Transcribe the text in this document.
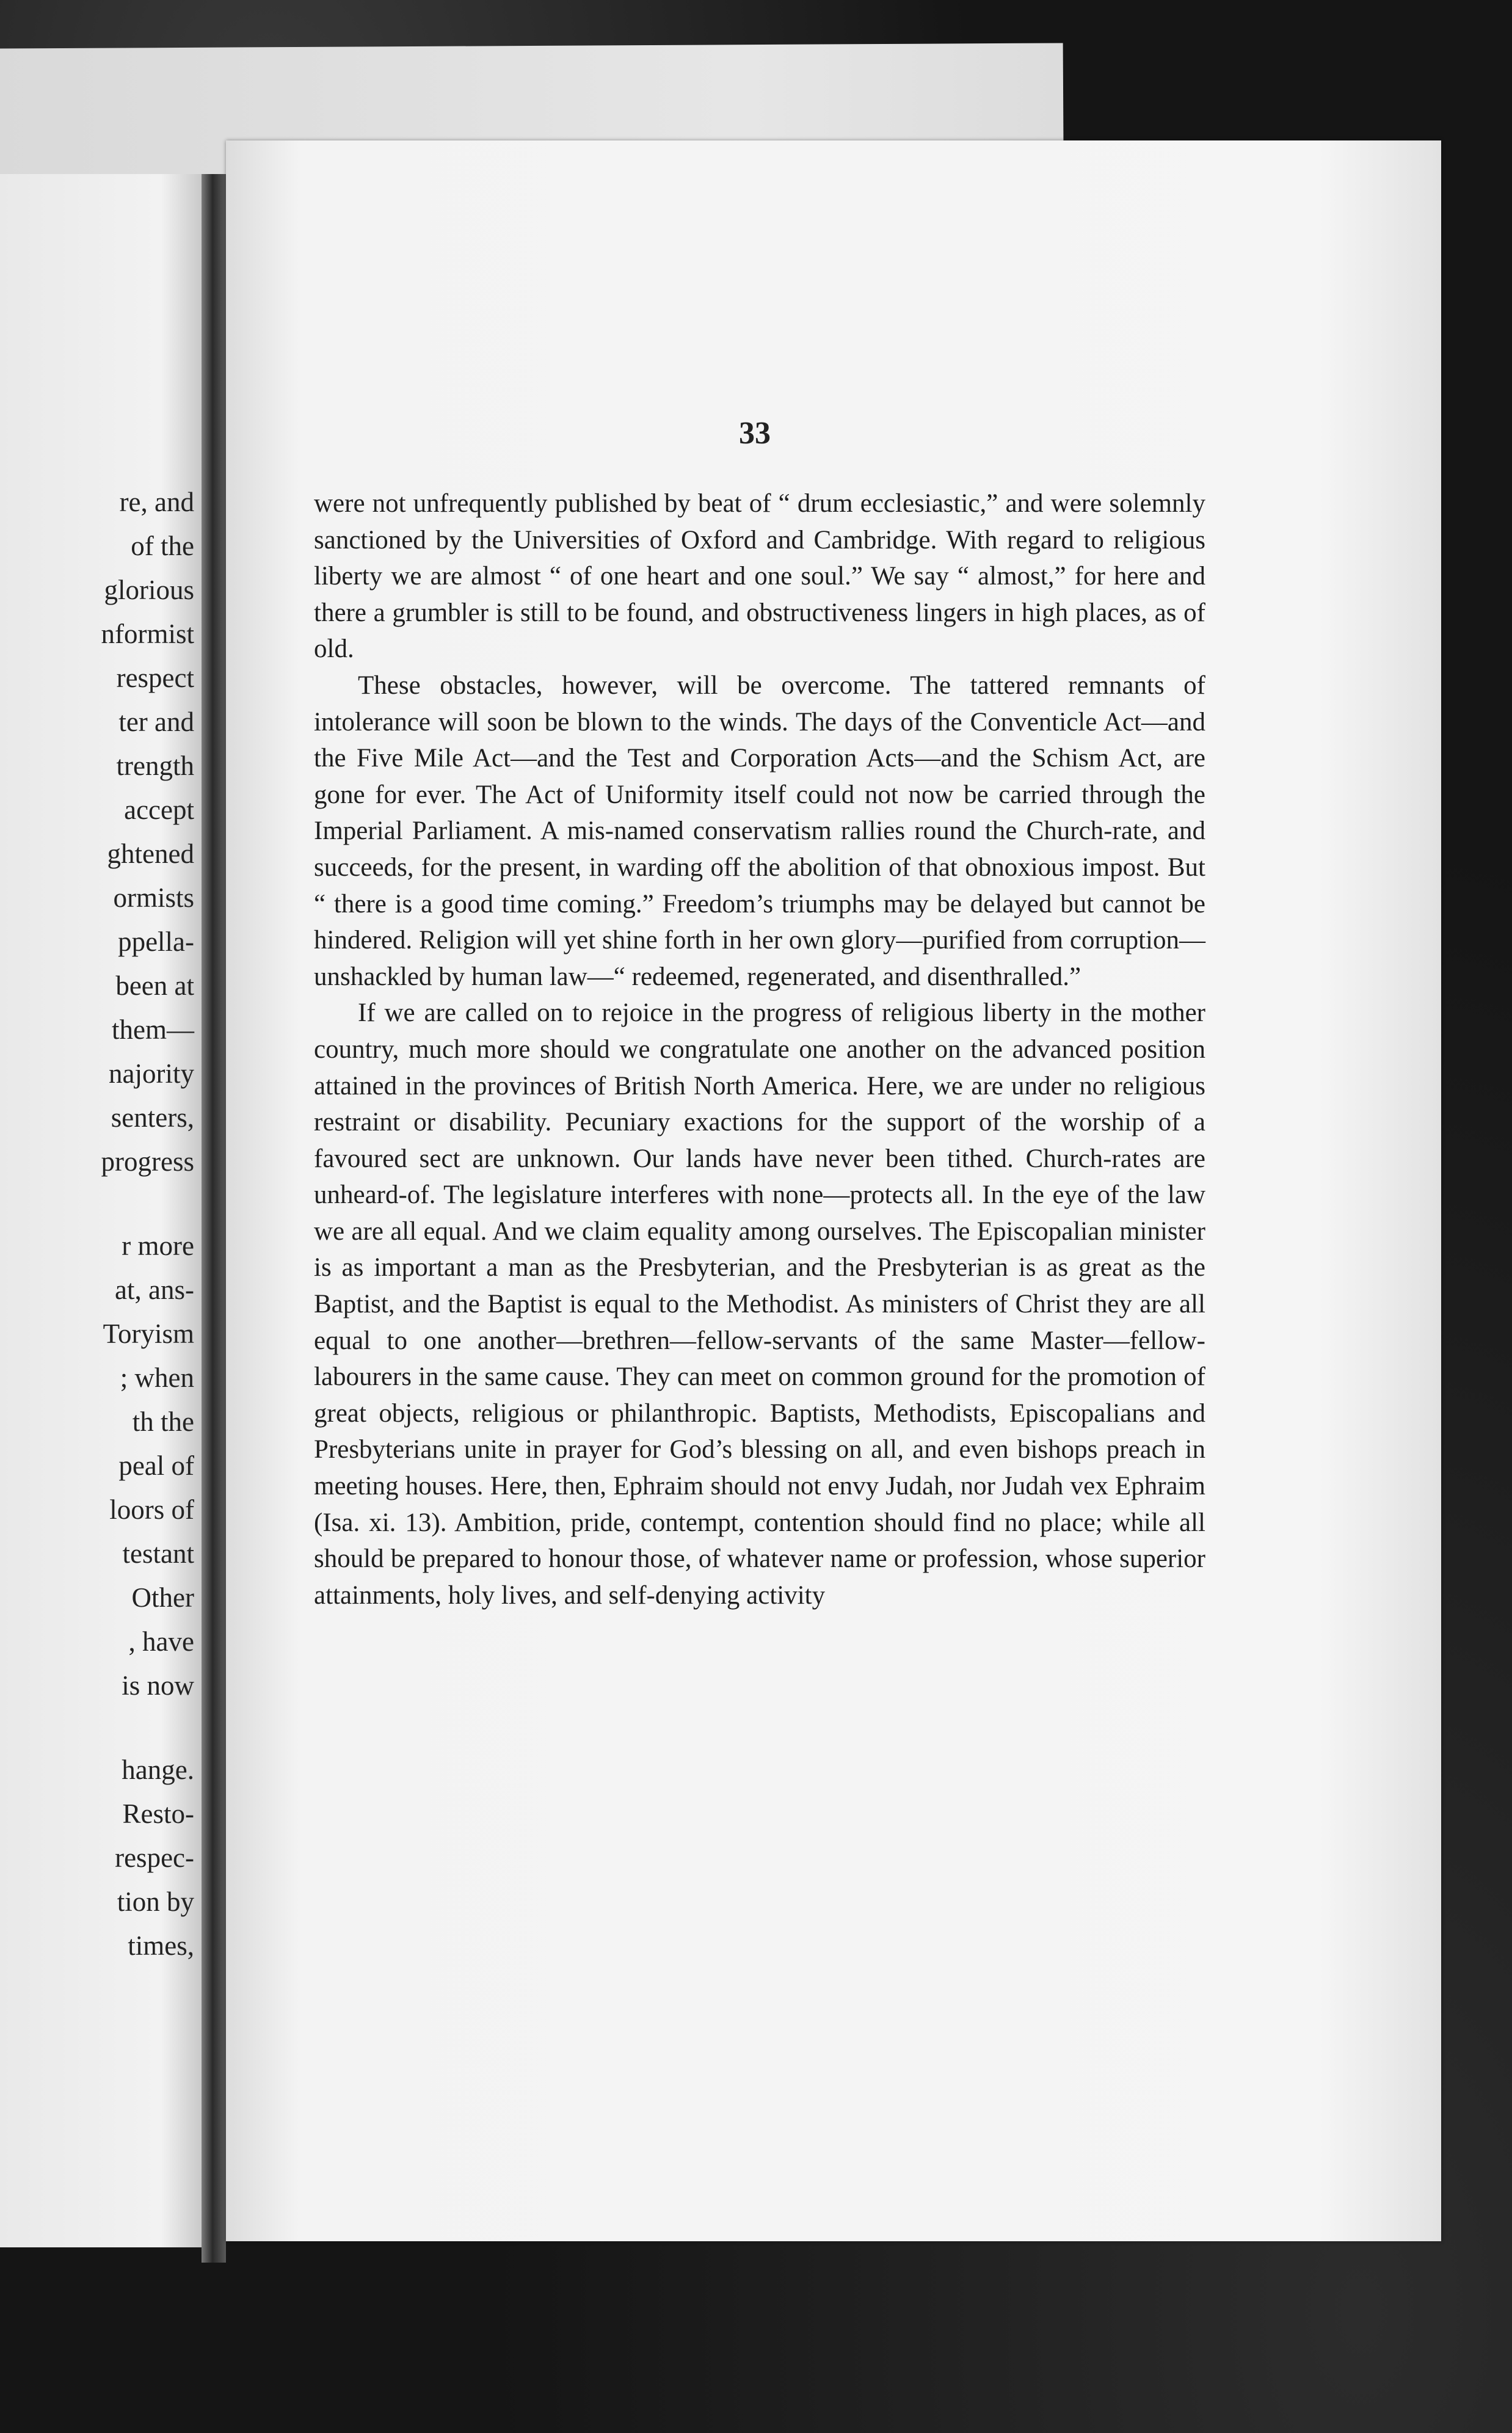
re, and

of the

glorious

nformist

respect

ter and

trength

accept

ghtened

ormists

ppella-

been at

them—

najority

senters,

progress

r more

at, ans-

Toryism

; when

th the

peal of

loors of

testant

Other

, have

is now

hange.

Resto-

respec-

tion by

times,

33

were not unfrequently published by beat of “ drum ecclesiastic,” and were solemnly sanctioned by the Universities of Oxford and Cambridge. With regard to religious liberty we are almost “ of one heart and one soul.” We say “ almost,” for here and there a grumbler is still to be found, and obstructiveness lingers in high places, as of old.

These obstacles, however, will be overcome. The tattered remnants of intolerance will soon be blown to the winds. The days of the Conventicle Act—and the Five Mile Act—and the Test and Corporation Acts—and the Schism Act, are gone for ever. The Act of Uniformity itself could not now be carried through the Imperial Parliament. A mis-named conservatism rallies round the Church-rate, and succeeds, for the present, in warding off the abolition of that obnoxious impost. But “ there is a good time coming.” Freedom’s triumphs may be delayed but cannot be hindered. Religion will yet shine forth in her own glory—purified from corruption—unshackled by human law—“ redeemed, regenerated, and disenthralled.”

If we are called on to rejoice in the progress of religious liberty in the mother country, much more should we congratulate one another on the advanced position attained in the provinces of British North America. Here, we are under no religious restraint or disability. Pecuniary exactions for the support of the worship of a favoured sect are unknown. Our lands have never been tithed. Church-rates are unheard-of. The legislature interferes with none—protects all. In the eye of the law we are all equal. And we claim equality among ourselves. The Episcopalian minister is as important a man as the Presbyterian, and the Presbyterian is as great as the Baptist, and the Baptist is equal to the Methodist. As ministers of Christ they are all equal to one another—brethren—fellow-servants of the same Master—fellow-labourers in the same cause. They can meet on common ground for the promotion of great objects, religious or philanthropic. Baptists, Methodists, Episcopalians and Presbyterians unite in prayer for God’s blessing on all, and even bishops preach in meeting houses. Here, then, Ephraim should not envy Judah, nor Judah vex Ephraim (Isa. xi. 13). Ambition, pride, contempt, contention should find no place; while all should be prepared to honour those, of whatever name or profession, whose superior attainments, holy lives, and self-denying activity
